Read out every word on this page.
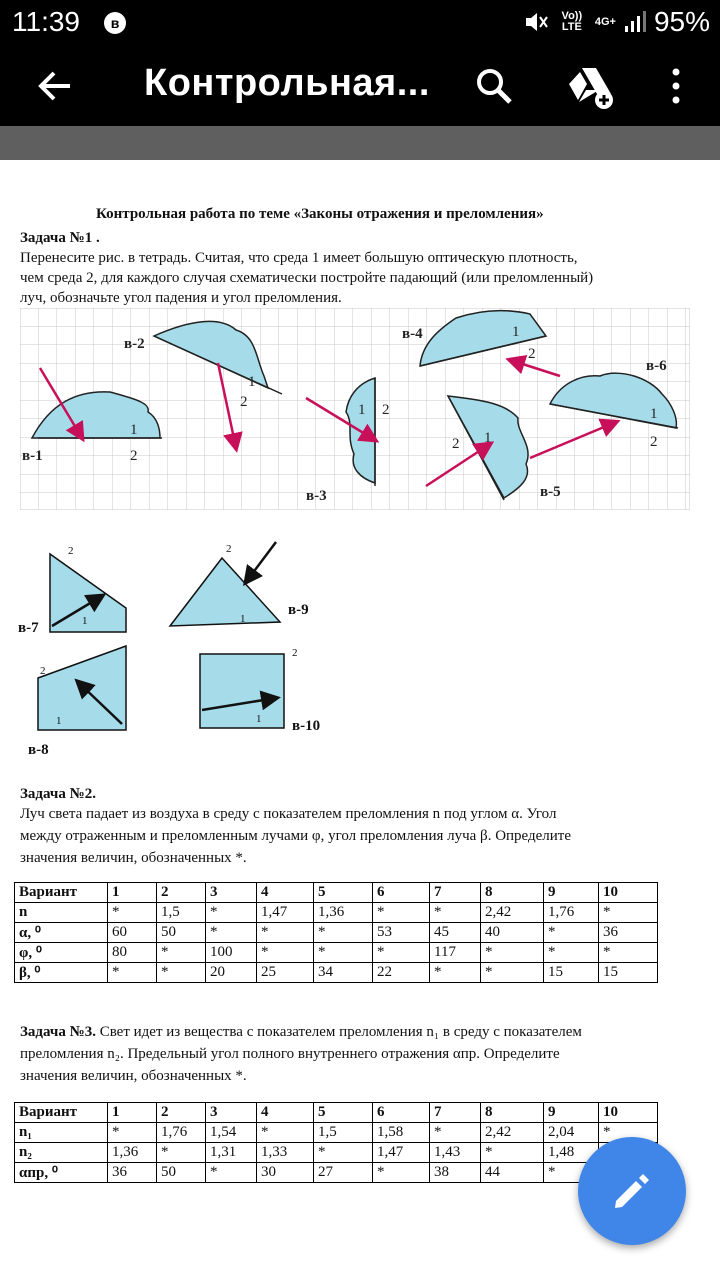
11:39	в	Vo)) LTE	4G+ 95%
Контрольная...
Контрольная работа по теме «Законы отражения и преломления»
Задача №1 .
Перенесите рис. в тетрадь. Считая, что среда 1 имеет большую оптическую плотность,
чем среда 2, для каждого случая схематически постройте падающий (или преломленный)
луч, обозначьте угол падения и угол преломления.
1
2
1
2	1 2
1
2
1
2
1
2
в-1
в-2
в-3
в-4
в-5
в-6
2
1
в-7
2
1
в-9
2
1
в-8
2
1 в-10
Задача №2.
Луч света падает из воздуха в среду с показателем преломления n под углом α. Угол
между отраженным и преломленным лучами φ, угол преломления луча β. Определите
значения величин, обозначенных *.
Вариант	1	2	3	4	5	6	7	8	9	10
n	*	1,5	*	1,47	1,36	*	*	2,42	1,76	*
α, ⁰	60	50	*	*	*	53	45	40	*	36
φ, ⁰	80	*	100	*	*	*	117	*	*	*
β, ⁰	*	*	20	25	34	22	*	*	15	15
Задача №3. Свет идет из вещества с показателем преломления n₁ в среду с показателем
преломления n₂. Предельный угол полного внутреннего отражения αпр. Определите
значения величин, обозначенных *.
Вариант	1	2	3	4	5	6	7	8	9	10
n₁	*	1,76	1,54	*	1,5	1,58	*	2,42	2,04	*
n₂	1,36	*	1,31	1,33	*	1,47	1,43	*	1,48	
αпр, ⁰	36	50	*	30	27	*	38	44	*	
